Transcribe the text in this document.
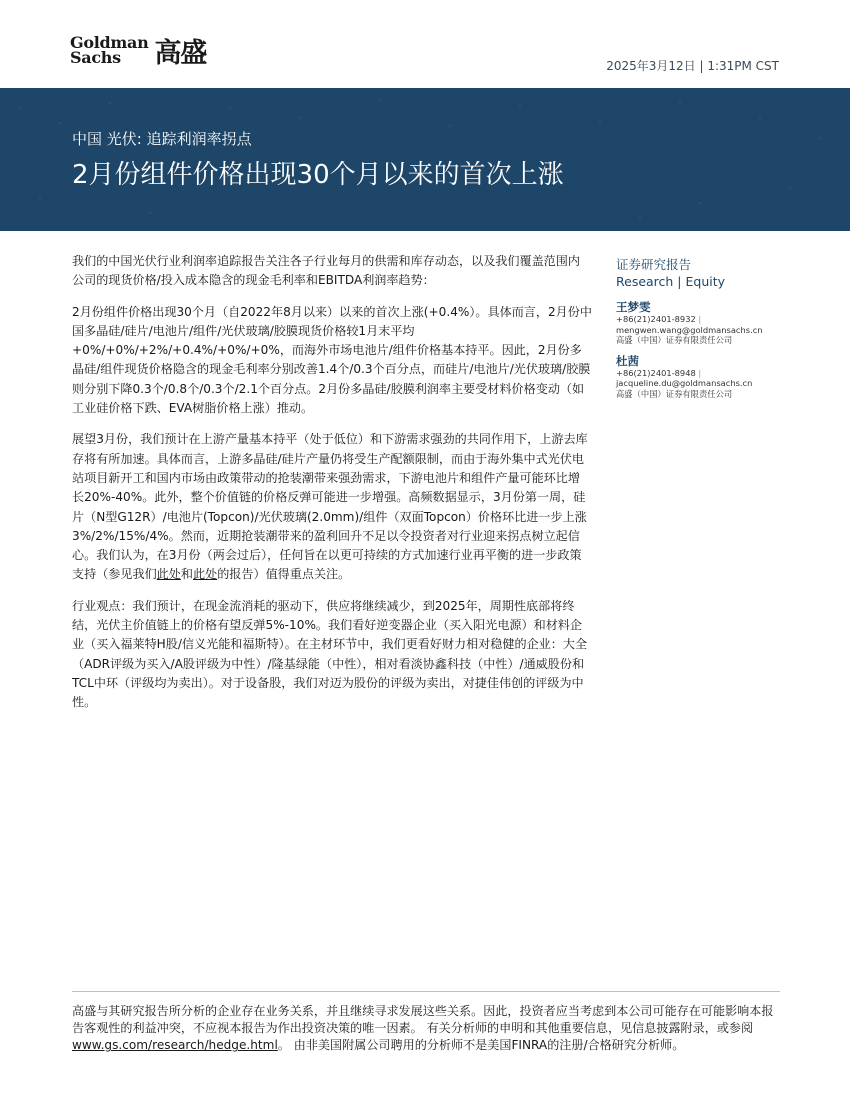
Goldman
Sachs	高盛	2025年3月12日 | 1:31PM CST
中国 光伏: 追踪利润率拐点
2月份组件价格出现30个月以来的首次上涨

我们的中国光伏行业利润率追踪报告关注各子行业每月的供需和库存动态，以及我们覆盖范围内公司的现货价格/投入成本隐含的现金毛利率和EBITDA利润率趋势：

2月份组件价格出现30个月（自2022年8月以来）以来的首次上涨(+0.4%）。具体而言，2月份中国多晶硅/硅片/电池片/组件/光伏玻璃/胶膜现货价格较1月末平均+0%/+0%/+2%/+0.4%/+0%/+0%，而海外市场电池片/组件价格基本持平。因此，2月份多晶硅/组件现货价格隐含的现金毛利率分别改善1.4个/0.3个百分点，而硅片/电池片/光伏玻璃/胶膜则分别下降0.3个/0.8个/0.3个/2.1个百分点。2月份多晶硅/胶膜利润率主要受材料价格变动（如工业硅价格下跌、EVA树脂价格上涨）推动。

展望3月份，我们预计在上游产量基本持平（处于低位）和下游需求强劲的共同作用下，上游去库存将有所加速。具体而言，上游多晶硅/硅片产量仍将受生产配额限制，而由于海外集中式光伏电站项目新开工和国内市场由政策带动的抢装潮带来强劲需求，下游电池片和组件产量可能环比增长20%-40%。此外，整个价值链的价格反弹可能进一步增强。高频数据显示，3月份第一周，硅片（N型G12R）/电池片(Topcon)/光伏玻璃(2.0mm)/组件（双面Topcon）价格环比进一步上涨3%/2%/15%/4%。然而，近期抢装潮带来的盈利回升不足以令投资者对行业迎来拐点树立起信心。我们认为，在3月份（两会过后），任何旨在以更可持续的方式加速行业再平衡的进一步政策支持（参见我们此处和此处的报告）值得重点关注。

行业观点：我们预计，在现金流消耗的驱动下，供应将继续减少，到2025年，周期性底部将终结，光伏主价值链上的价格有望反弹5%-10%。我们看好逆变器企业（买入阳光电源）和材料企业（买入福莱特H股/信义光能和福斯特）。在主材环节中，我们更看好财力相对稳健的企业：大全（ADR评级为买入/A股评级为中性）/隆基绿能（中性），相对看淡协鑫科技（中性）/通威股份和TCL中环（评级均为卖出）。对于设备股，我们对迈为股份的评级为卖出，对捷佳伟创的评级为中性。

证券研究报告
Research | Equity
王梦雯
+86(21)2401-8932 |
mengwen.wang@goldmansachs.cn
高盛（中国）证券有限责任公司
杜茜
+86(21)2401-8948 |
jacqueline.du@goldmansachs.cn
高盛（中国）证券有限责任公司
高盛与其研究报告所分析的企业存在业务关系，并且继续寻求发展这些关系。因此，投资者应当考虑到本公司可能存在可能影响本报告客观性的利益冲突，不应视本报告为作出投资决策的唯一因素。 有关分析师的申明和其他重要信息，见信息披露附录，或参阅www.gs.com/research/hedge.html。 由非美国附属公司聘用的分析师不是美国FINRA的注册/合格研究分析师。
